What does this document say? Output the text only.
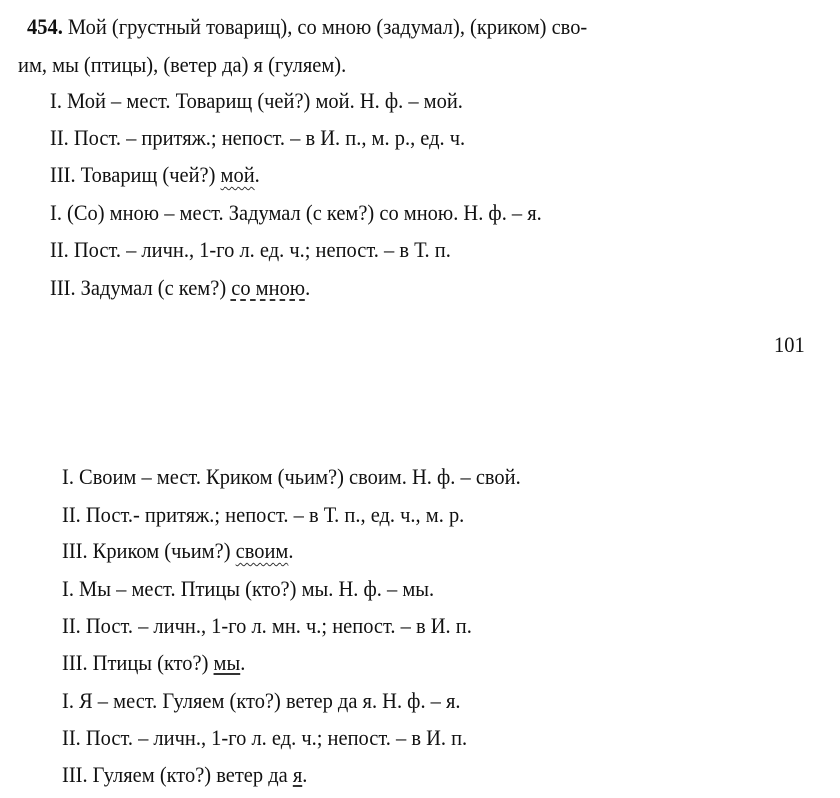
454. Мой (грустный товарищ), со мною (задумал), (криком) сво-
им, мы (птицы), (ветер да) я (гуляем).
I. Мой – мест. Товарищ (чей?) мой. Н. ф. – мой.
II. Пост. – притяж.; непост. – в И. п., м. р., ед. ч.
III. Товарищ (чей?) мой.
I. (Со) мною – мест. Задумал (с кем?) со мною. Н. ф. – я.
II. Пост. – личн., 1-го л. ед. ч.; непост. – в Т. п.
III. Задумал (с кем?) со мною.
101
I. Своим – мест. Криком (чьим?) своим. Н. ф. – свой.
II. Пост.- притяж.; непост. – в Т. п., ед. ч., м. р.
III. Криком (чьим?) своим.
I. Мы – мест. Птицы (кто?) мы. Н. ф. – мы.
II. Пост. – личн., 1-го л. мн. ч.; непост. – в И. п.
III. Птицы (кто?) мы.
I. Я – мест. Гуляем (кто?) ветер да я. Н. ф. – я.
II. Пост. – личн., 1-го л. ед. ч.; непост. – в И. п.
III. Гуляем (кто?) ветер да я.
